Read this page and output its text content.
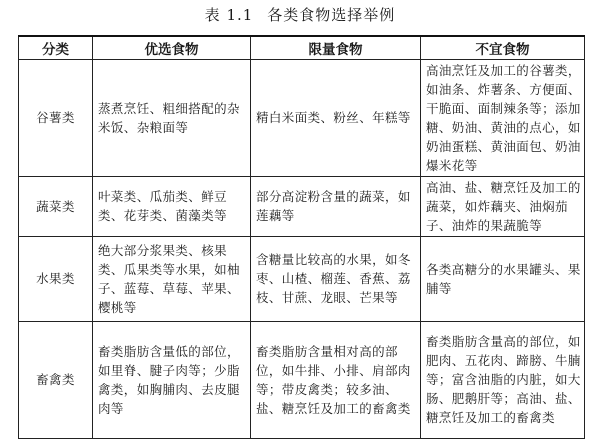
表 1.1 各类食物选择举例
分类	优选食物	限量食物	不宜食物
谷薯类	蒸煮烹饪、粗细搭配的杂米饭、杂粮面等	精白米面类、粉丝、年糕等	高油烹饪及加工的谷薯类，如油条、炸薯条、方便面、干脆面、面制辣条等；添加糖、奶油、黄油的点心，如奶油蛋糕、黄油面包、奶油爆米花等
蔬菜类	叶菜类、瓜茄类、鲜豆类、花芽类、菌藻类等	部分高淀粉含量的蔬菜，如莲藕等	高油、盐、糖烹饪及加工的蔬菜，如炸藕夹、油焖茄子、油炸的果蔬脆等
水果类	绝大部分浆果类、核果类、瓜果类等水果，如柚子、蓝莓、草莓、苹果、樱桃等	含糖量比较高的水果，如冬枣、山楂、榴莲、香蕉、荔枝、甘蔗、龙眼、芒果等	各类高糖分的水果罐头、果脯等
畜禽类	畜类脂肪含量低的部位，如里脊、腱子肉等；少脂禽类，如胸脯肉、去皮腿肉等	畜类脂肪含量相对高的部位，如牛排、小排、肩部肉等；带皮禽类；较多油、盐、糖烹饪及加工的畜禽类	畜类脂肪含量高的部位，如肥肉、五花肉、蹄膀、牛腩等；富含油脂的内脏，如大肠、肥鹅肝等；高油、盐、糖烹饪及加工的畜禽类
